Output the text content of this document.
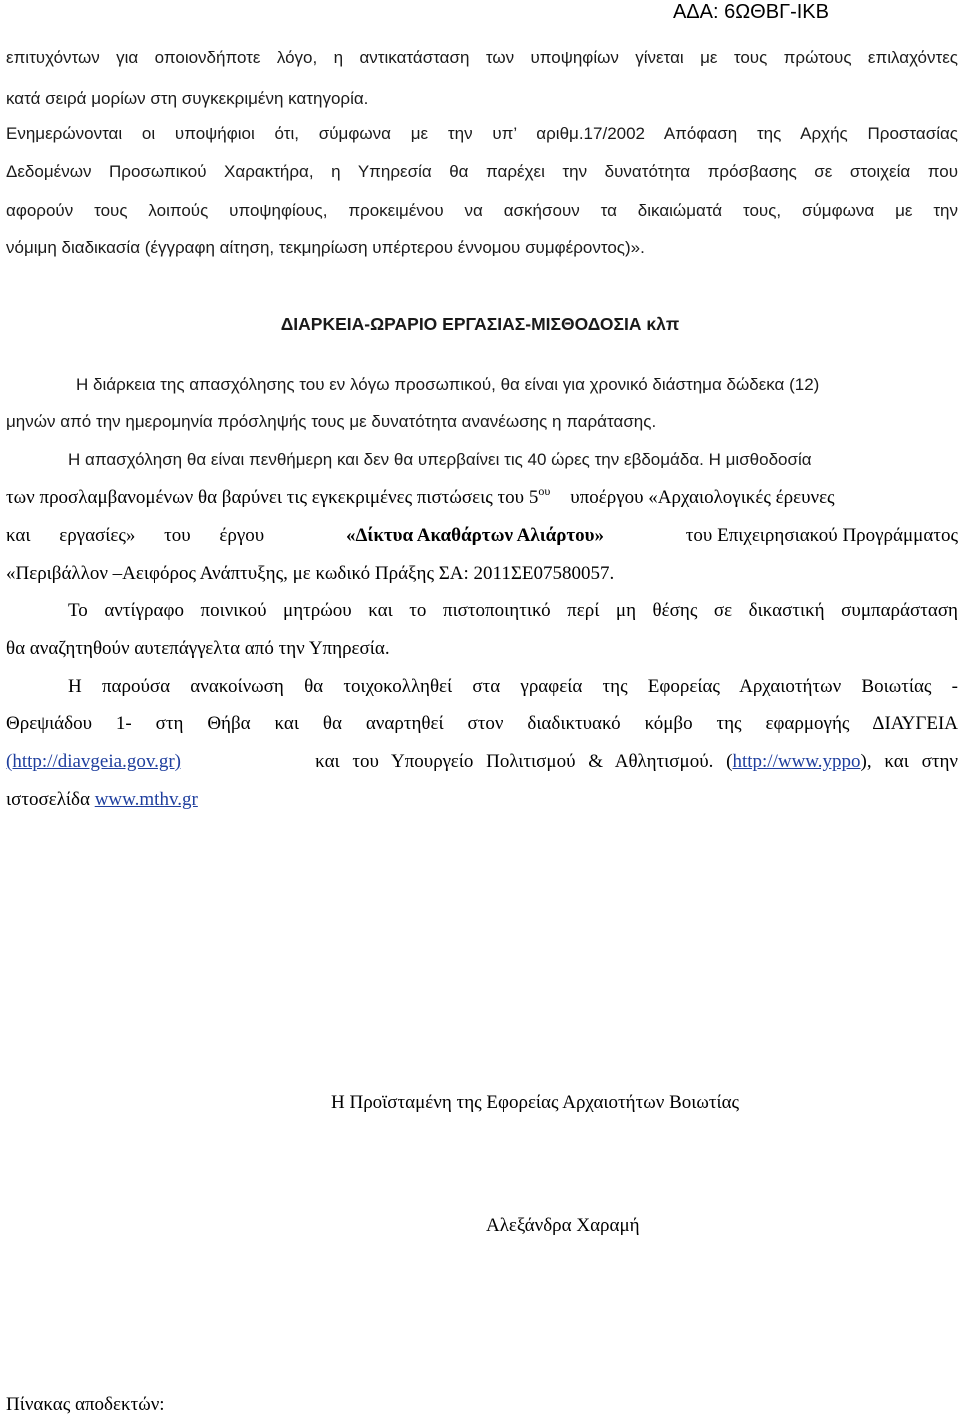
ΑΔΑ: 6ΩΘΒΓ-ΙΚΒ
επιτυχόντων για οποιονδήποτε λόγο, η αντικατάσταση των υποψηφίων γίνεται με τους πρώτους επιλαχόντες
κατά σειρά μορίων στη συγκεκριμένη κατηγορία.
Ενημερώνονται οι υποψήφιοι ότι, σύμφωνα με την υπ’ αριθμ.17/2002 Απόφαση της Αρχής Προστασίας
Δεδομένων Προσωπικού Χαρακτήρα, η Υπηρεσία θα παρέχει την δυνατότητα πρόσβασης σε στοιχεία που
αφορούν τους λοιπούς υποψηφίους, προκειμένου να ασκήσουν τα δικαιώματά τους, σύμφωνα με την
νόμιμη διαδικασία (έγγραφη αίτηση, τεκμηρίωση υπέρτερου έννομου συμφέροντος)».
ΔΙΑΡΚΕΙΑ-ΩΡΑΡΙΟ ΕΡΓΑΣΙΑΣ-ΜΙΣΘΟΔΟΣΙΑ κλπ
Η διάρκεια της απασχόλησης του εν λόγω προσωπικού, θα είναι για χρονικό διάστημα δώδεκα (12)
μηνών από την ημερομηνία πρόσληψής τους με δυνατότητα ανανέωσης η παράτασης.
Η απασχόληση θα είναι πενθήμερη και δεν θα υπερβαίνει τις 40 ώρες την εβδομάδα. Η μισθοδοσία
των προσλαμβανομένων θα βαρύνει τις εγκεκριμένες πιστώσεις του $5^{o\upsilon}$ υποέργου «Αρχαιολογικές έρευνες
και εργασίες» του έργου	«Δίκτυα Ακαθάρτων Αλιάρτου»	του Επιχειρησιακού Προγράμματος
«Περιβάλλον –Αειφόρος Ανάπτυξης, με κωδικό Πράξης ΣΑ: 2011ΣΕ07580057.
Το αντίγραφο ποινικού μητρώου και το πιστοποιητικό περί μη θέσης σε δικαστική συμπαράσταση
θα αναζητηθούν αυτεπάγγελτα από την Υπηρεσία.
Η παρούσα ανακοίνωση θα τοιχοκολληθεί στα γραφεία της Εφορείας Αρχαιοτήτων Βοιωτίας -
Θρεψιάδου 1- στη Θήβα και θα αναρτηθεί στον διαδικτυακό κόμβο της εφαρμογής ΔΙΑΥΓΕΙΑ
(http://diavgeia.gov.gr)	και του Υπουργείο Πολιτισμού & Αθλητισμού. (http://www.yppo), και στην
ιστοσελίδα www.mthv.gr
Η Προϊσταμένη της Εφορείας Αρχαιοτήτων Βοιωτίας
Αλεξάνδρα Χαραμή
Πίνακας αποδεκτών:
